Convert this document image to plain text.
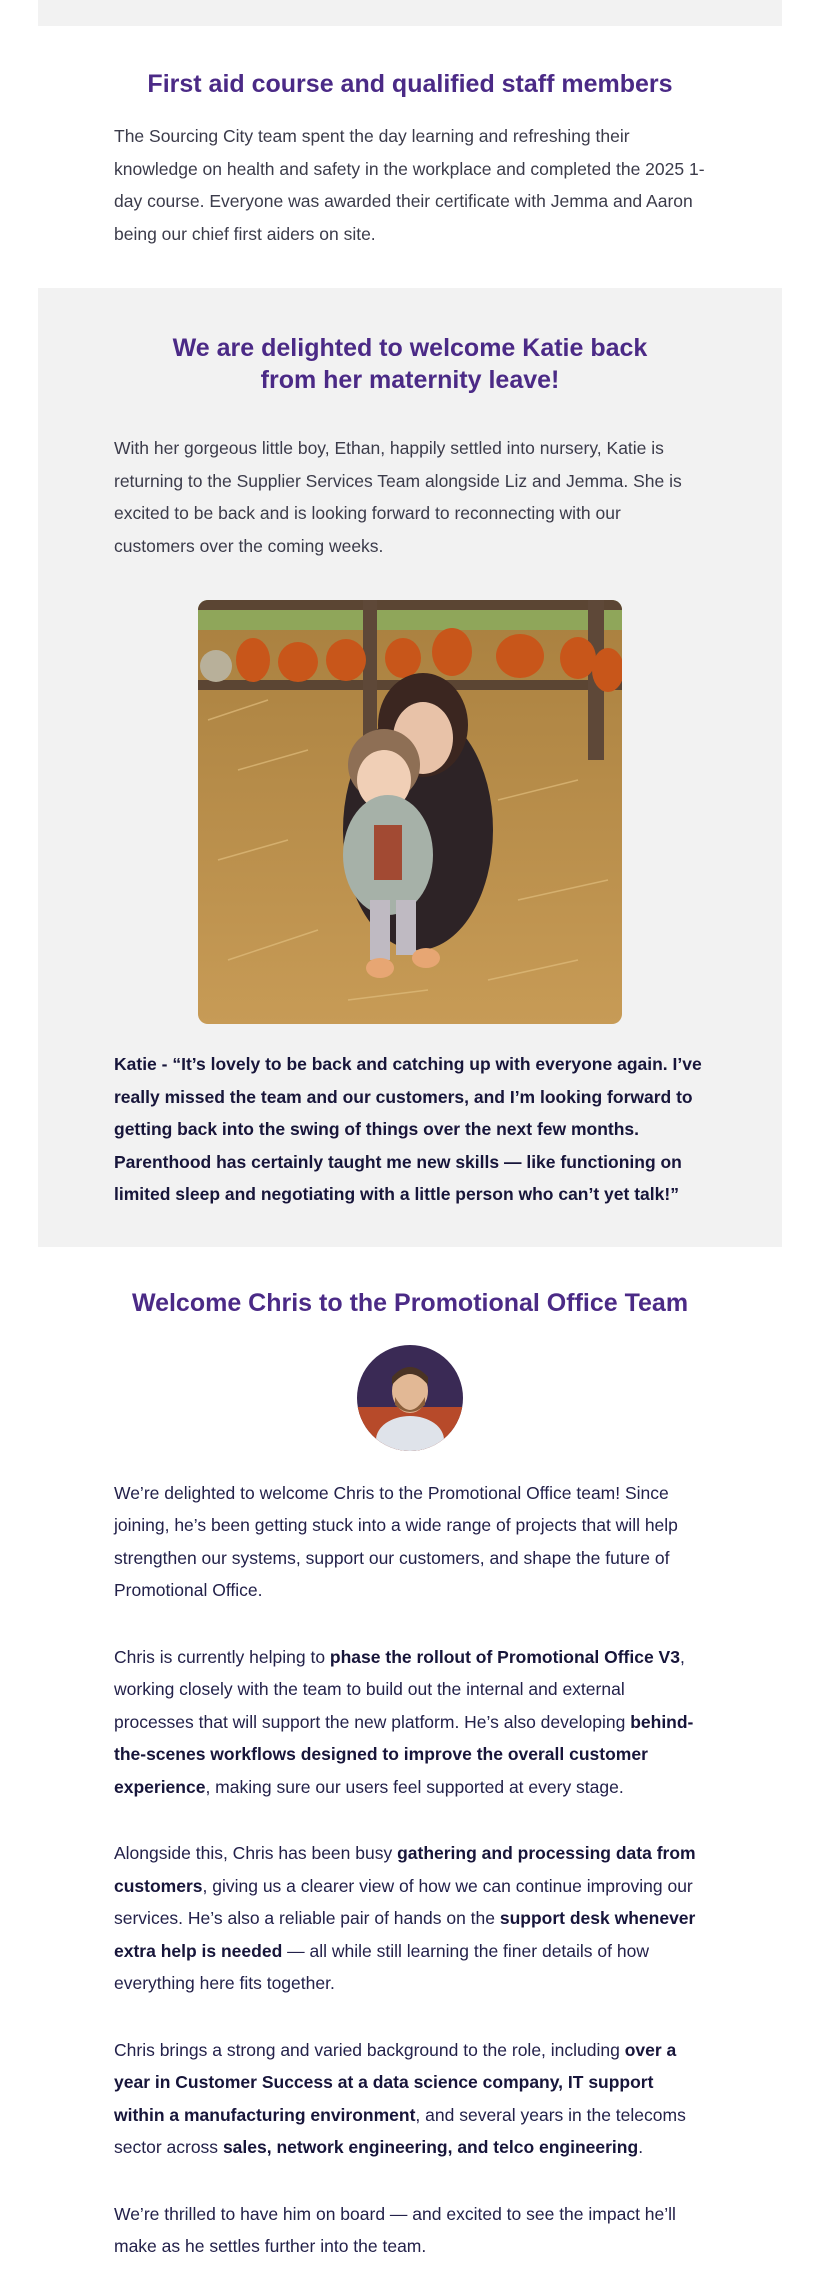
First aid course and qualified staff members

The Sourcing City team spent the day learning and refreshing their knowledge on health and safety in the workplace and completed the 2025 1-day course. Everyone was awarded their certificate with Jemma and Aaron being our chief first aiders on site.

We are delighted to welcome Katie back from her maternity leave!

With her gorgeous little boy, Ethan, happily settled into nursery, Katie is returning to the Supplier Services Team alongside Liz and Jemma. She is excited to be back and is looking forward to reconnecting with our customers over the coming weeks.

Katie - “It’s lovely to be back and catching up with everyone again. I’ve really missed the team and our customers, and I’m looking forward to getting back into the swing of things over the next few months. Parenthood has certainly taught me new skills — like functioning on limited sleep and negotiating with a little person who can’t yet talk!”

Welcome Chris to the Promotional Office Team

We’re delighted to welcome Chris to the Promotional Office team! Since joining, he’s been getting stuck into a wide range of projects that will help strengthen our systems, support our customers, and shape the future of Promotional Office.

Chris is currently helping to phase the rollout of Promotional Office V3, working closely with the team to build out the internal and external processes that will support the new platform. He’s also developing behind-the-scenes workflows designed to improve the overall customer experience, making sure our users feel supported at every stage.

Alongside this, Chris has been busy gathering and processing data from customers, giving us a clearer view of how we can continue improving our services. He’s also a reliable pair of hands on the support desk whenever extra help is needed — all while still learning the finer details of how everything here fits together.

Chris brings a strong and varied background to the role, including over a year in Customer Success at a data science company, IT support within a manufacturing environment, and several years in the telecoms sector across sales, network engineering, and telco engineering.

We’re thrilled to have him on board — and excited to see the impact he’ll make as he settles further into the team.
